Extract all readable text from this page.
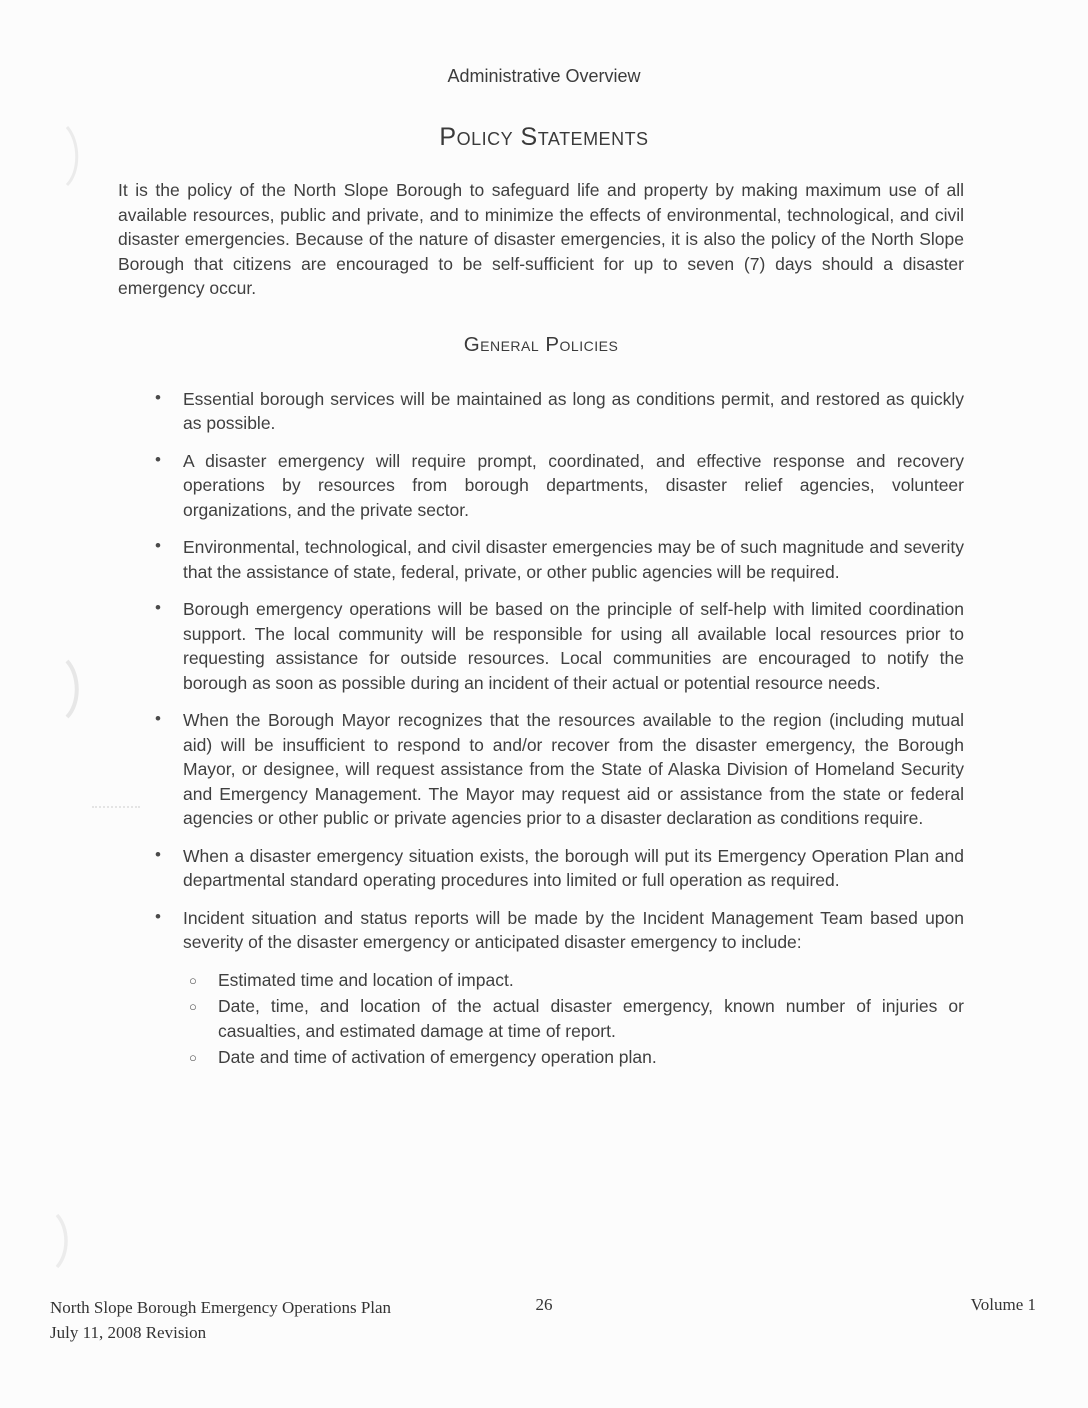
Administrative Overview
Policy Statements

It is the policy of the North Slope Borough to safeguard life and property by making maximum use of all available resources, public and private, and to minimize the effects of environmental, technological, and civil disaster emergencies. Because of the nature of disaster emergencies, it is also the policy of the North Slope Borough that citizens are encouraged to be self-sufficient for up to seven (7) days should a disaster emergency occur.

General Policies
• Essential borough services will be maintained as long as conditions permit, and restored as quickly as possible.
• A disaster emergency will require prompt, coordinated, and effective response and recovery operations by resources from borough departments, disaster relief agencies, volunteer organizations, and the private sector.
• Environmental, technological, and civil disaster emergencies may be of such magnitude and severity that the assistance of state, federal, private, or other public agencies will be required.
• Borough emergency operations will be based on the principle of self-help with limited coordination support. The local community will be responsible for using all available local resources prior to requesting assistance for outside resources. Local communities are encouraged to notify the borough as soon as possible during an incident of their actual or potential resource needs.
• When the Borough Mayor recognizes that the resources available to the region (including mutual aid) will be insufficient to respond to and/or recover from the disaster emergency, the Borough Mayor, or designee, will request assistance from the State of Alaska Division of Homeland Security and Emergency Management. The Mayor may request aid or assistance from the state or federal agencies or other public or private agencies prior to a disaster declaration as conditions require.
• When a disaster emergency situation exists, the borough will put its Emergency Operation Plan and departmental standard operating procedures into limited or full operation as required.
• Incident situation and status reports will be made by the Incident Management Team based upon severity of the disaster emergency or anticipated disaster emergency to include:
○ Estimated time and location of impact.
○ Date, time, and location of the actual disaster emergency, known number of injuries or casualties, and estimated damage at time of report.
○ Date and time of activation of emergency operation plan.
North Slope Borough Emergency Operations Plan
July 11, 2008 Revision
26	Volume 1
